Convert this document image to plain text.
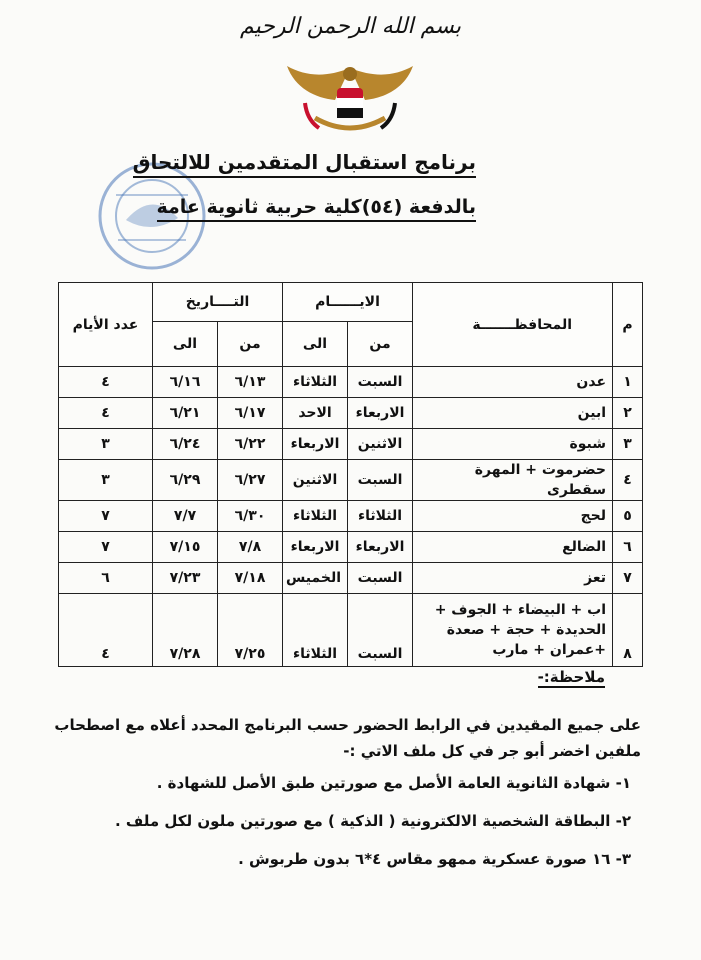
بسم الله الرحمن الرحيم
برنامج استقبال المتقدمين للالتحاق
بالدفعة (٥٤)كلية حربية ثانوية عامة
م	المحافظـــــــة	الايــــــام		التــــاريخ		عدد الأيام
		من	الى	من	الى	
١	عدن	السبت	الثلاثاء	٦/١٣	٦/١٦	٤
٢	ابين	الاربعاء	الاحد	٦/١٧	٦/٢١	٤
٣	شبوة	الاثنين	الاربعاء	٦/٢٢	٦/٢٤	٣
٤	حضرموت + المهرة سقطرى	السبت	الاثنين	٦/٢٧	٦/٢٩	٣
٥	لحج	الثلاثاء	الثلاثاء	٦/٣٠	٧/٧	٧
٦	الضالع	الاربعاء	الاربعاء	٧/٨	٧/١٥	٧
٧	تعز	السبت	الخميس	٧/١٨	٧/٢٣	٦
٨	اب + البيضاء + الجوف +
الحديدة + حجة + صعدة
+عمران + مارب	السبت	الثلاثاء	٧/٢٥	٧/٢٨	٤
ملاحظة:-
على جميع المقيدين في الرابط الحضور حسب البرنامج المحدد أعلاه مع اصطحاب
ملفين اخضر أبو جر في كل ملف الاتي :-
١- شهادة الثانوية العامة الأصل مع صورتين طبق الأصل للشهادة .
٢- البطاقة الشخصية الالكترونية ( الذكية ) مع صورتين ملون لكل ملف .
٣- ١٦ صورة عسكرية ممهو مقاس ٤*٦ بدون طربوش .
